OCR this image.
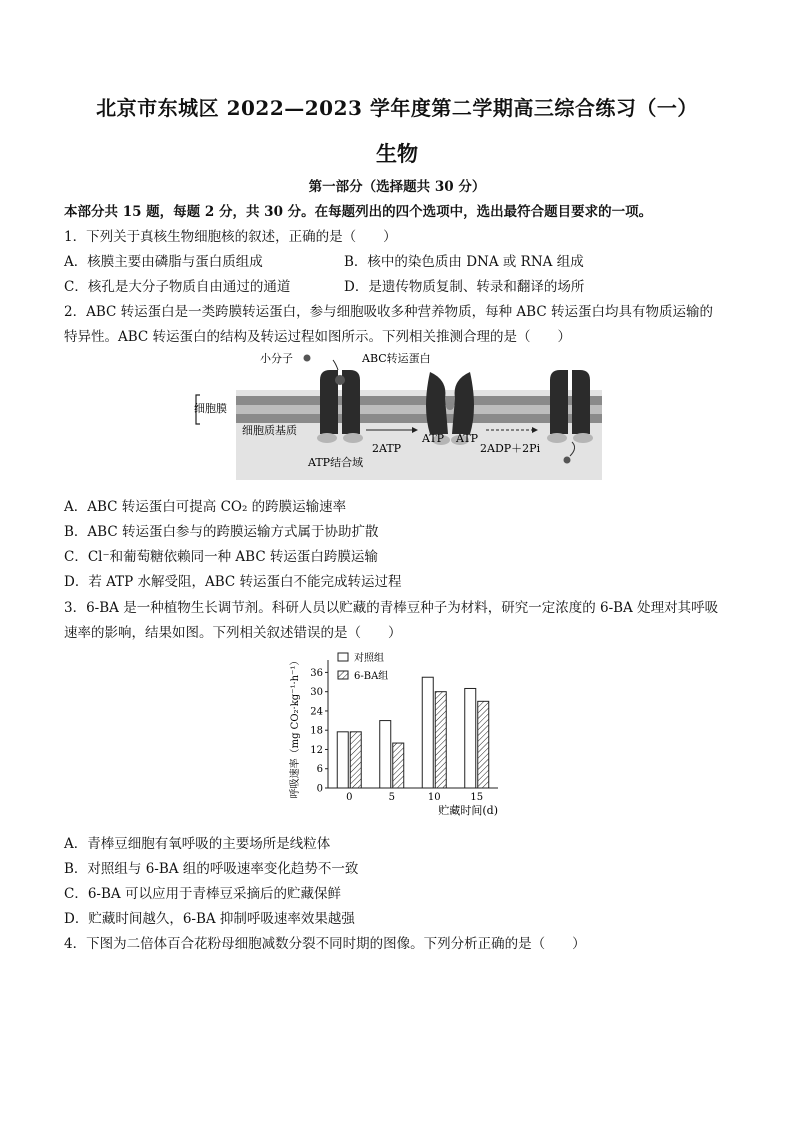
北京市东城区 2022—2023 学年度第二学期高三综合练习（一）
生物
第一部分（选择题共 30 分）
本部分共 15 题，每题 2 分，共 30 分。在每题列出的四个选项中，选出最符合题目要求的一项。
1．下列关于真核生物细胞核的叙述，正确的是（　　）
A．核膜主要由磷脂与蛋白质组成	B．核中的染色质由 DNA 或 RNA 组成
C．核孔是大分子物质自由通过的通道	D．是遗传物质复制、转录和翻译的场所
2．ABC 转运蛋白是一类跨膜转运蛋白，参与细胞吸收多种营养物质，每种 ABC 转运蛋白均具有物质运输的
特异性。ABC 转运蛋白的结构及转运过程如图所示。下列相关推测合理的是（　　）
小分子	ABC转运蛋白
细胞膜
细胞质基质
2ATP
ATP ATP
2ADP＋2Pi
ATP结合域
A．ABC 转运蛋白可提高 CO₂ 的跨膜运输速率
B．ABC 转运蛋白参与的跨膜运输方式属于协助扩散
C．Cl⁻和葡萄糖依赖同一种 ABC 转运蛋白跨膜运输
D．若 ATP 水解受阻，ABC 转运蛋白不能完成转运过程
3．6-BA 是一种植物生长调节剂。科研人员以贮藏的青棒豆种子为材料，研究一定浓度的 6-BA 处理对其呼吸
速率的影响，结果如图。下列相关叙述错误的是（　　）
呼吸速率（mg CO₂·kg⁻¹·h⁻¹）
贮藏时间(d)
对照组
6-BA组
0
6
12
18
24
30
36
0	5	10	15
A．青棒豆细胞有氧呼吸的主要场所是线粒体
B．对照组与 6-BA 组的呼吸速率变化趋势不一致
C．6-BA 可以应用于青棒豆采摘后的贮藏保鲜
D．贮藏时间越久，6-BA 抑制呼吸速率效果越强
4．下图为二倍体百合花粉母细胞减数分裂不同时期的图像。下列分析正确的是（　　）
